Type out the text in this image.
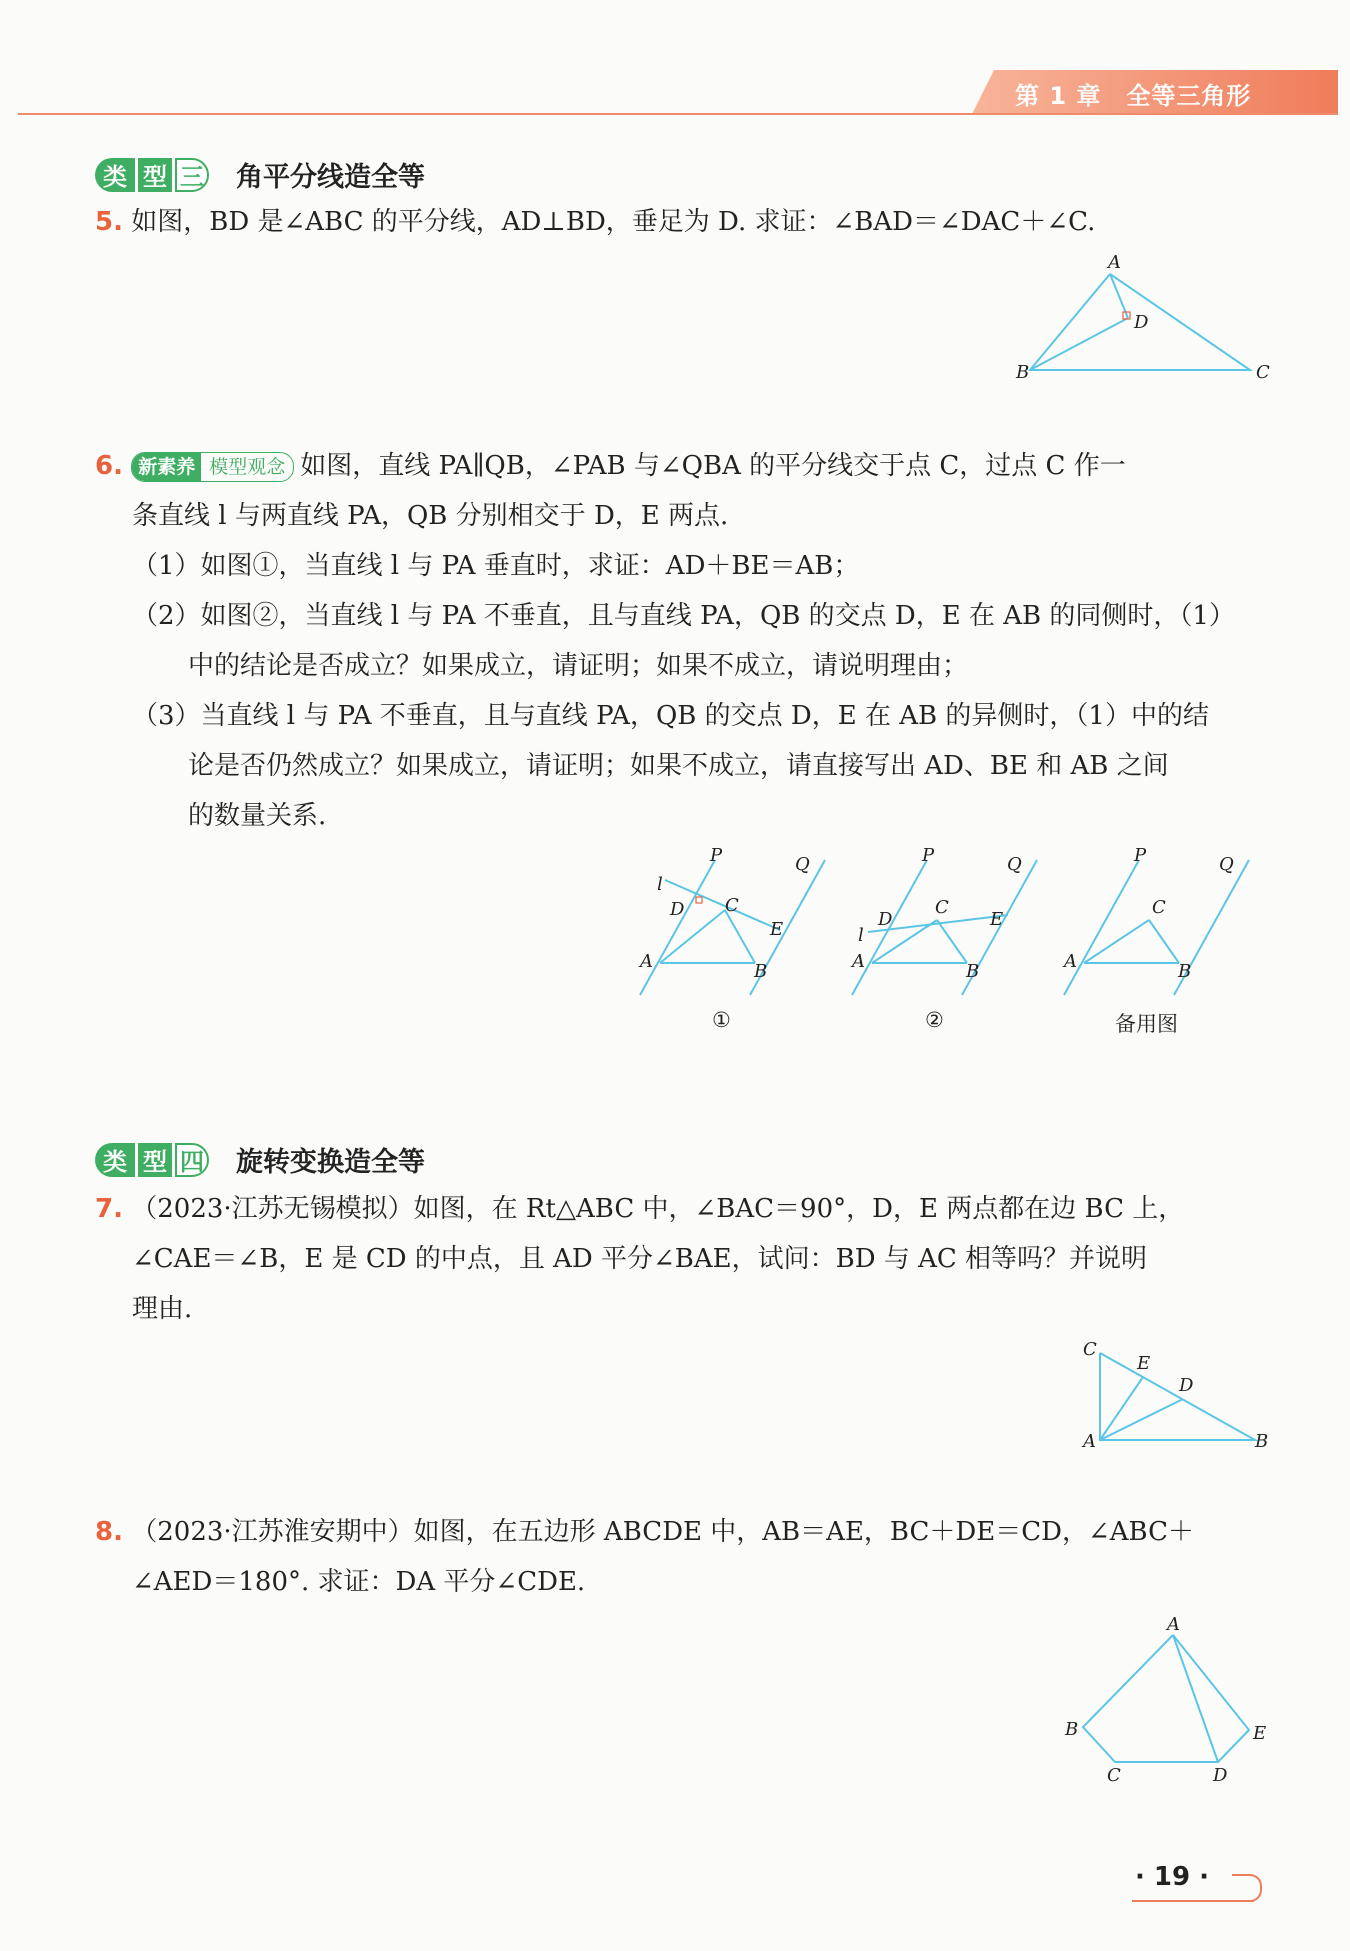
第 1 章　全等三角形
类 型 三 角平分线造全等
5. 如图，BD 是∠ABC 的平分线，AD⊥BD，垂足为 D. 求证：∠BAD＝∠DAC＋∠C.
A
D
B	C
6. 新素养 模型观念 如图，直线 PA∥QB，∠PAB 与∠QBA 的平分线交于点 C，过点 C 作一
条直线 l 与两直线 PA，QB 分别相交于 D，E 两点.
（1）如图①，当直线 l 与 PA 垂直时，求证：AD＋BE＝AB；
（2）如图②，当直线 l 与 PA 不垂直，且与直线 PA，QB 的交点 D，E 在 AB 的同侧时，（1）
中的结论是否成立？如果成立，请证明；如果不成立，请说明理由；
（3）当直线 l 与 PA 不垂直，且与直线 PA，QB 的交点 D，E 在 AB 的异侧时，（1）中的结
论是否仍然成立？如果成立，请证明；如果不成立，请直接写出 AD、BE 和 AB 之间
的数量关系.
P	Q
l
D C
E
A	B
P	Q
l
D
C
E
A	B
P	Q
C
A	B
①	②	备用图
类 型 四 旋转变换造全等
7. （2023·江苏无锡模拟）如图，在 Rt△ABC 中，∠BAC＝90°，D，E 两点都在边 BC 上，
∠CAE＝∠B，E 是 CD 的中点，且 AD 平分∠BAE，试问：BD 与 AC 相等吗？并说明
理由.
C
E
D
A	B
8. （2023·江苏淮安期中）如图，在五边形 ABCDE 中，AB＝AE，BC＋DE＝CD，∠ABC＋
∠AED＝180°. 求证：DA 平分∠CDE.
A
B
C	D
E
· 19 ·
